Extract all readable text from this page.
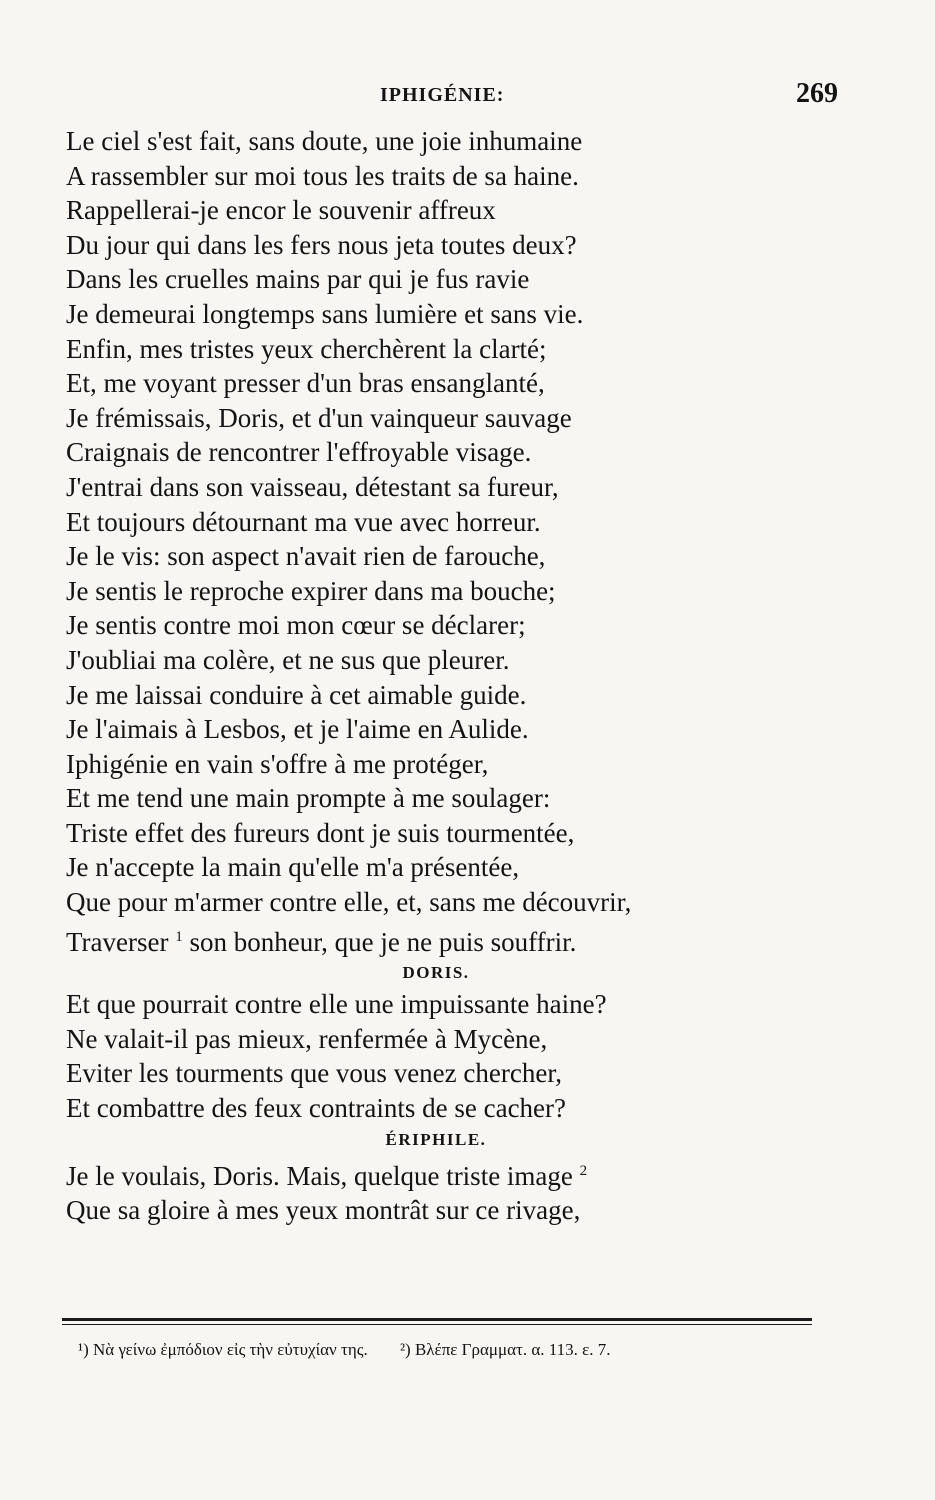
IPHIGÉNIE:	269
Le ciel s'est fait, sans doute, une joie inhumaine
A rassembler sur moi tous les traits de sa haine.
Rappellerai-je encor le souvenir affreux
Du jour qui dans les fers nous jeta toutes deux?
Dans les cruelles mains par qui je fus ravie
Je demeurai longtemps sans lumière et sans vie.
Enfin, mes tristes yeux cherchèrent la clarté;
Et, me voyant presser d'un bras ensanglanté,
Je frémissais, Doris, et d'un vainqueur sauvage
Craignais de rencontrer l'effroyable visage.
J'entrai dans son vaisseau, détestant sa fureur,
Et toujours détournant ma vue avec horreur.
Je le vis: son aspect n'avait rien de farouche,
Je sentis le reproche expirer dans ma bouche;
Je sentis contre moi mon cœur se déclarer;
J'oubliai ma colère, et ne sus que pleurer.
Je me laissai conduire à cet aimable guide.
Je l'aimais à Lesbos, et je l'aime en Aulide.
Iphigénie en vain s'offre à me protéger,
Et me tend une main prompte à me soulager:
Triste effet des fureurs dont je suis tourmentée,
Je n'accepte la main qu'elle m'a présentée,
Que pour m'armer contre elle, et, sans me découvrir,
Traverser $^1$ son bonheur, que je ne puis souffrir.
DORIS.
Et que pourrait contre elle une impuissante haine?
Ne valait-il pas mieux, renfermée à Mycène,
Eviter les tourments que vous venez chercher,
Et combattre des feux contraints de se cacher?
ÉRIPHILE.
Je le voulais, Doris. Mais, quelque triste image $^2$
Que sa gloire à mes yeux montrât sur ce rivage,
¹) Νὰ γείνω ἐμπόδιον εἰς τὴν εὐτυχίαν της. ²) Βλέπε Γραμματ. α. 113. ε. 7.
